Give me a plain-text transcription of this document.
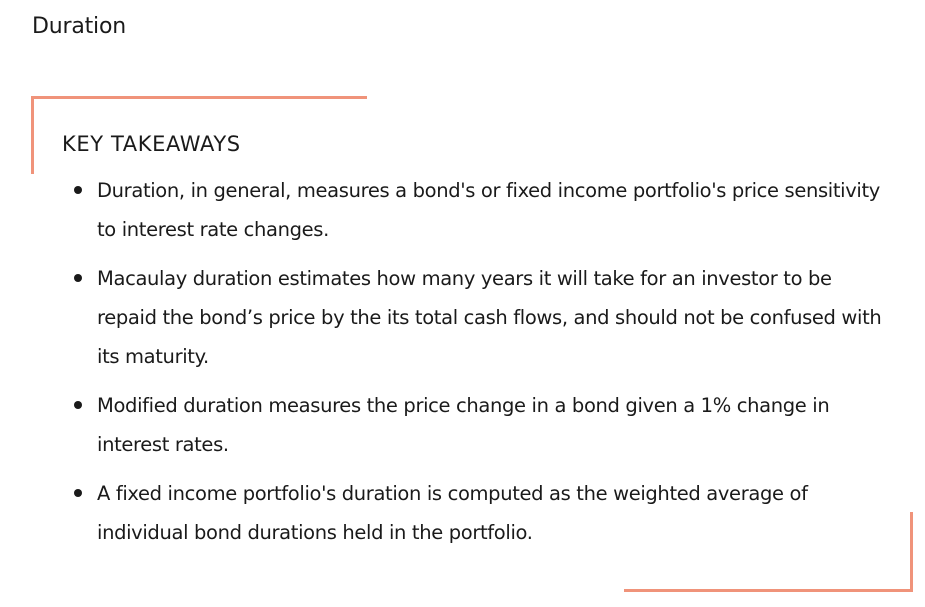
Duration
KEY TAKEAWAYS
Duration, in general, measures a bond's or fixed income portfolio's price sensitivity to interest rate changes.
Macaulay duration estimates how many years it will take for an investor to be repaid the bond’s price by the its total cash flows, and should not be confused with its maturity.
Modified duration measures the price change in a bond given a 1% change in interest rates.
A fixed income portfolio's duration is computed as the weighted average of individual bond durations held in the portfolio.
